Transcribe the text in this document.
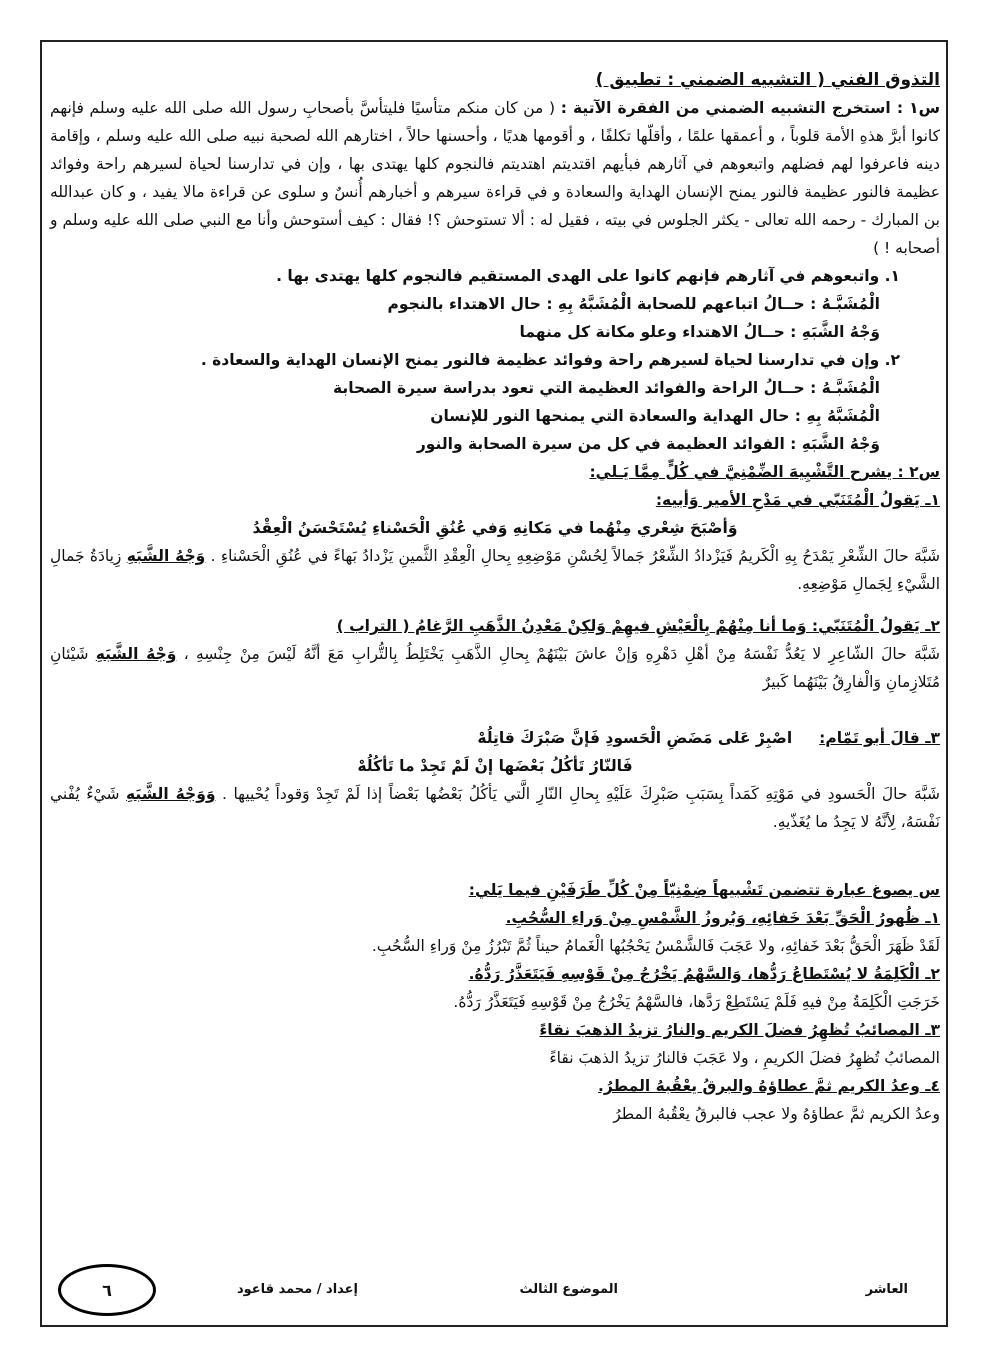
التذوق الفني ( التشبيه الضمني : تطبيق )

س١ : استخرج التشبيه الضمني من الفقرة الآتية : ( من كان منكم متأسيًا فليتأسَّ بأصحابِ رسول الله صلى الله عليه وسلم فإنهم كانوا أبرَّ هذهِ الأمة قلوباً ، و أعمقها علمًا ، وأقلّها تكلفًا ، و أقومها هديًا ، وأحسنها حالاً ، اختارهم الله لصحبة نبيه صلى الله عليه وسلم ، وإقامة دينه فاعرفوا لهم فضلهم واتبعوهم في آثارهم فبأيهم اقتديتم اهتديتم فالنجوم كلها يهتدى بها ، وإن في تدارسنا لحياة لسيرهم راحة وفوائد عظيمة فالنور عظيمة فالنور يمنح الإنسان الهداية والسعادة و في قراءة سيرهم و أخبارهم أُنسٌ و سلوى عن قراءة مالا يفيد ، و كان عبدالله بن المبارك - رحمه الله تعالى - يكثر الجلوس في بيته ، فقيل له : ألا تستوحش ؟! فقال : كيف أستوحش وأنا مع النبي صلى الله عليه وسلم و أصحابه ! )

١. واتبعوهم في آثارهم فإنهم كانوا على الهدى المستقيم فالنجوم كلها يهتدى بها .
الْمُشَبَّـهُ : حــالُ اتباعهم للصحابة الْمُشَبَّهُ بِهِ : حال الاهتداء بالنجوم
وَجْهُ الشَّبَهِ : حــالُ الاهتداء وعلو مكانة كل منهما
٢. وإن في تدارسنا لحياة لسيرهم راحة وفوائد عظيمة فالنور يمنح الإنسان الهداية والسعادة .
الْمُشَبَّـهُ : حــالُ الراحة والفوائد العظيمة التي تعود بدراسة سيرة الصحابة
الْمُشَبَّهُ بِهِ : حال الهداية والسعادة التي يمنحها النور للإنسان
وَجْهُ الشَّبَهِ : الفوائد العظيمة في كل من سيرة الصحابة والنور
س٢ : يشرح التَّشْبِيهَ الضِّمْنِيَّ في كُلٍّ مِمَّا يَـلي:
١ـ يَقولُ الْمُتَنَبّي في مَدْحِ الأمير وَأبيه:
وَأصْبَحَ شِعْري مِنْهُما في مَكانِهِ وَفي عُنُقِ الْحَسْناءِ يُسْتَحْسَنُ الْعِقْدُ

شَبَّهَ حالَ الشِّعْرِ يَمْدَحُ بِهِ الْكَريمُ فَيَزْدادُ الشِّعْرُ جَمالاً لِحُسْنِ مَوْضِعِهِ بِحالِ الْعِقْدِ الثَّمينِ يَزْدادُ بَهاءً في عُنُقِ الْحَسْناءِ . وَجْهُ الشَّبَهِ زِيادَةُ جَمالِ الشَّيْءِ لِجَمالِ مَوْضِعِهِ.

٢ـ يَقولُ الْمُتَنَبّي: وَما أنا مِنْهُمْ بِالْعَيْشِ فيهِمْ وَلكِنْ مَعْدِنُ الذَّهَبِ الرَّغامُ ( التراب )

شَبَّهَ حالَ الشّاعِرِ لا يَعُدُّ نَفْسَهُ مِنْ أهْلِ دَهْرِهِ وَإنْ عاشَ بَيْنَهُمْ بِحالِ الذَّهَبِ يَخْتَلِطُ بِالتُّرابِ مَعَ أنَّهُ لَيْسَ مِنْ جِنْسِهِ ، وَجْهُ الشَّبَهِ شَيْئانِ مُتَلازِمانِ وَالْفارِقُ بَيْنَهُما كَبيرٌ

٣ـ قالَ أبو تَمّام:     اصْبِرْ عَلى مَضَضِ الْحَسودِ فَإنَّ صَبْرَكَ قاتِلُهْ
فَالنّارُ تَأكُلُ بَعْضَها إنْ لَمْ تَجِدْ ما تَأكُلُهْ

شَبَّهَ حالَ الْحَسودِ في مَوْتِهِ كَمَداً بِسَبَبِ صَبْرِكَ عَلَيْهِ بِحالِ النّارِ الَّتي يَأكُلُ بَعْضُها بَعْضاً إذا لَمْ تَجِدْ وَقوداً يُحْييها . وَوَجْهُ الشَّبَهِ شَيْءٌ يُفْني نَفْسَهُ، لِأنَّهُ لا يَجِدُ ما يُغَذّيهِ.

س يصوغ عبارة تتضمن تَشْبيهاً ضِمْنِيّاً مِنْ كُلِّ طَرَفَيْنِ فيما يَلي:
١ـ ظُهورُ الْحَقِّ بَعْدَ خَفائِهِ، وَبُروزُ الشَّمْسِ مِنْ وَراءِ السُّحُبِ.
لَقَدْ ظَهَرَ الْحَقُّ بَعْدَ خَفائِهِ، ولا عَجَبَ فَالشَّمْسُ يَحْجُبُها الْغَمامُ حيناً ثُمَّ تَبْرُزُ مِنْ وَراءِ السُّحُبِ.
٢ـ الْكَلِمَةُ لا يُسْتَطاعُ رَدُّها، وَالسَّهْمُ يَخْرُجُ مِنْ قَوْسِهِ فَيَتَعَذَّرُ رَدُّهُ.
خَرَجَتِ الْكَلِمَةُ مِنْ فيهِ فَلَمْ يَسْتَطِعْ رَدَّها، فالسَّهْمُ يَخْرُجُ مِنْ قَوْسِهِ فَيَتَعَذَّرُ رَدُّهُ.
٣ـ المصائبُ تُظهِرُ فضلَ الكريم والنارُ تزيدُ الذهبَ نقاءً
المصائبُ تُظهِرُ فضلَ الكريمِ ، ولا عَجَبَ فالنارُ تزيدُ الذهبَ نقاءً
٤ـ وعدُ الكريم ثمَّ عطاؤهُ والبرقُ يعْقُبهُ المطرُ.
وعدُ الكريم ثمَّ عطاؤهُ ولا عجب فالبرقُ يعْقُبهُ المطرُ
العاشر
الموضوع الثالث
إعداد / محمد قاعود
٦
